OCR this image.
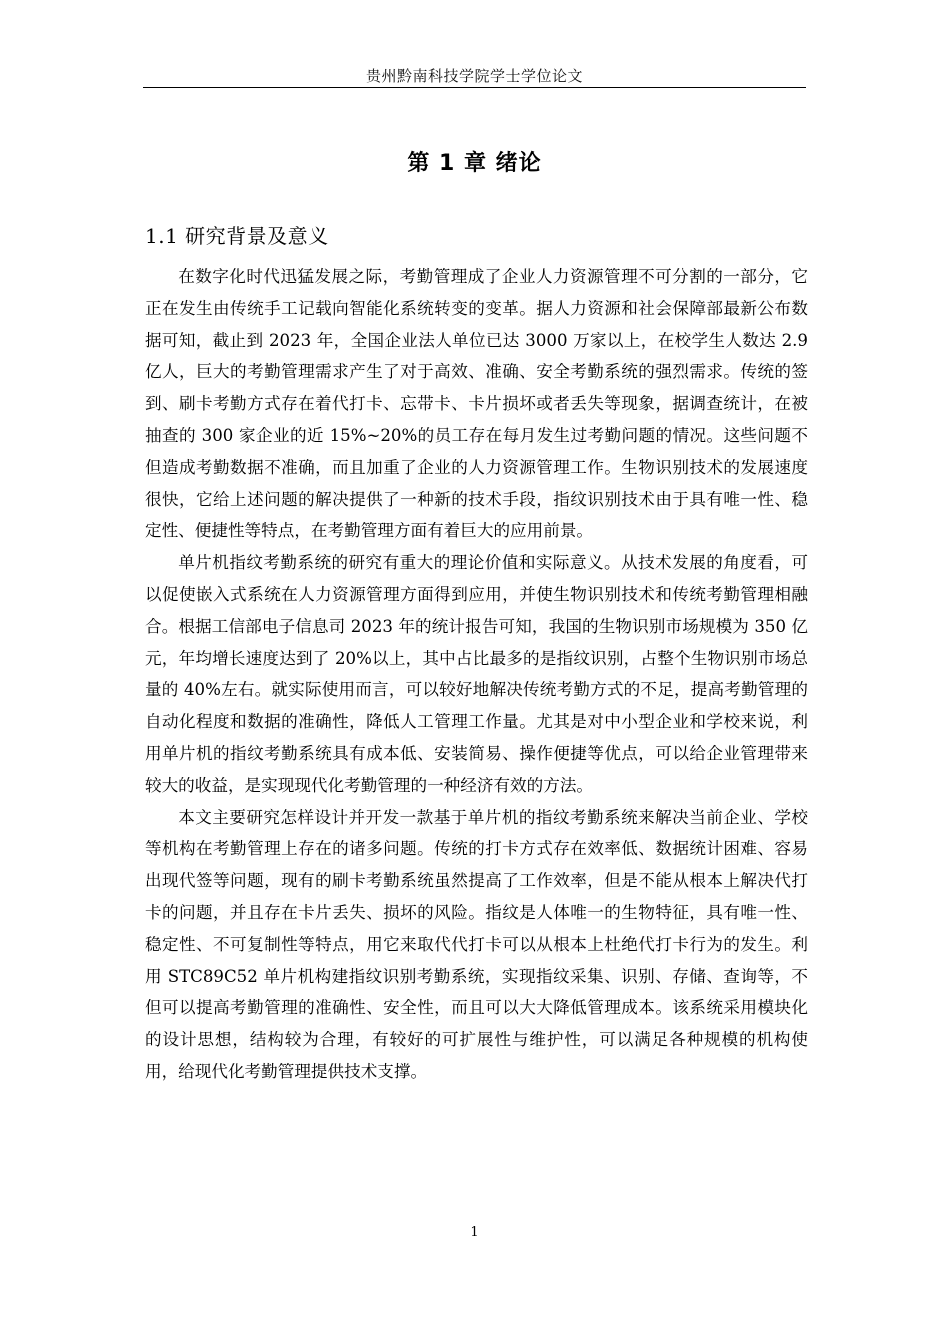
贵州黔南科技学院学士学位论文
第 1 章 绪论
1.1 研究背景及意义

在数字化时代迅猛发展之际，考勤管理成了企业人力资源管理不可分割的一部分，它正在发生由传统手工记载向智能化系统转变的变革。据人力资源和社会保障部最新公布数据可知，截止到 2023 年，全国企业法人单位已达 3000 万家以上，在校学生人数达 2.9 亿人，巨大的考勤管理需求产生了对于高效、准确、安全考勤系统的强烈需求。传统的签到、刷卡考勤方式存在着代打卡、忘带卡、卡片损坏或者丢失等现象，据调查统计，在被抽查的 300 家企业的近 15%~20%的员工存在每月发生过考勤问题的情况。这些问题不但造成考勤数据不准确，而且加重了企业的人力资源管理工作。生物识别技术的发展速度很快，它给上述问题的解决提供了一种新的技术手段，指纹识别技术由于具有唯一性、稳定性、便捷性等特点，在考勤管理方面有着巨大的应用前景。

单片机指纹考勤系统的研究有重大的理论价值和实际意义。从技术发展的角度看，可以促使嵌入式系统在人力资源管理方面得到应用，并使生物识别技术和传统考勤管理相融合。根据工信部电子信息司 2023 年的统计报告可知，我国的生物识别市场规模为 350 亿元，年均增长速度达到了 20%以上，其中占比最多的是指纹识别，占整个生物识别市场总量的 40%左右。就实际使用而言，可以较好地解决传统考勤方式的不足，提高考勤管理的自动化程度和数据的准确性，降低人工管理工作量。尤其是对中小型企业和学校来说，利用单片机的指纹考勤系统具有成本低、安装简易、操作便捷等优点，可以给企业管理带来较大的收益，是实现现代化考勤管理的一种经济有效的方法。

本文主要研究怎样设计并开发一款基于单片机的指纹考勤系统来解决当前企业、学校等机构在考勤管理上存在的诸多问题。传统的打卡方式存在效率低、数据统计困难、容易出现代签等问题，现有的刷卡考勤系统虽然提高了工作效率，但是不能从根本上解决代打卡的问题，并且存在卡片丢失、损坏的风险。指纹是人体唯一的生物特征，具有唯一性、稳定性、不可复制性等特点，用它来取代代打卡可以从根本上杜绝代打卡行为的发生。利用 STC89C52 单片机构建指纹识别考勤系统，实现指纹采集、识别、存储、查询等，不但可以提高考勤管理的准确性、安全性，而且可以大大降低管理成本。该系统采用模块化的设计思想，结构较为合理，有较好的可扩展性与维护性，可以满足各种规模的机构使用，给现代化考勤管理提供技术支撑。

1
